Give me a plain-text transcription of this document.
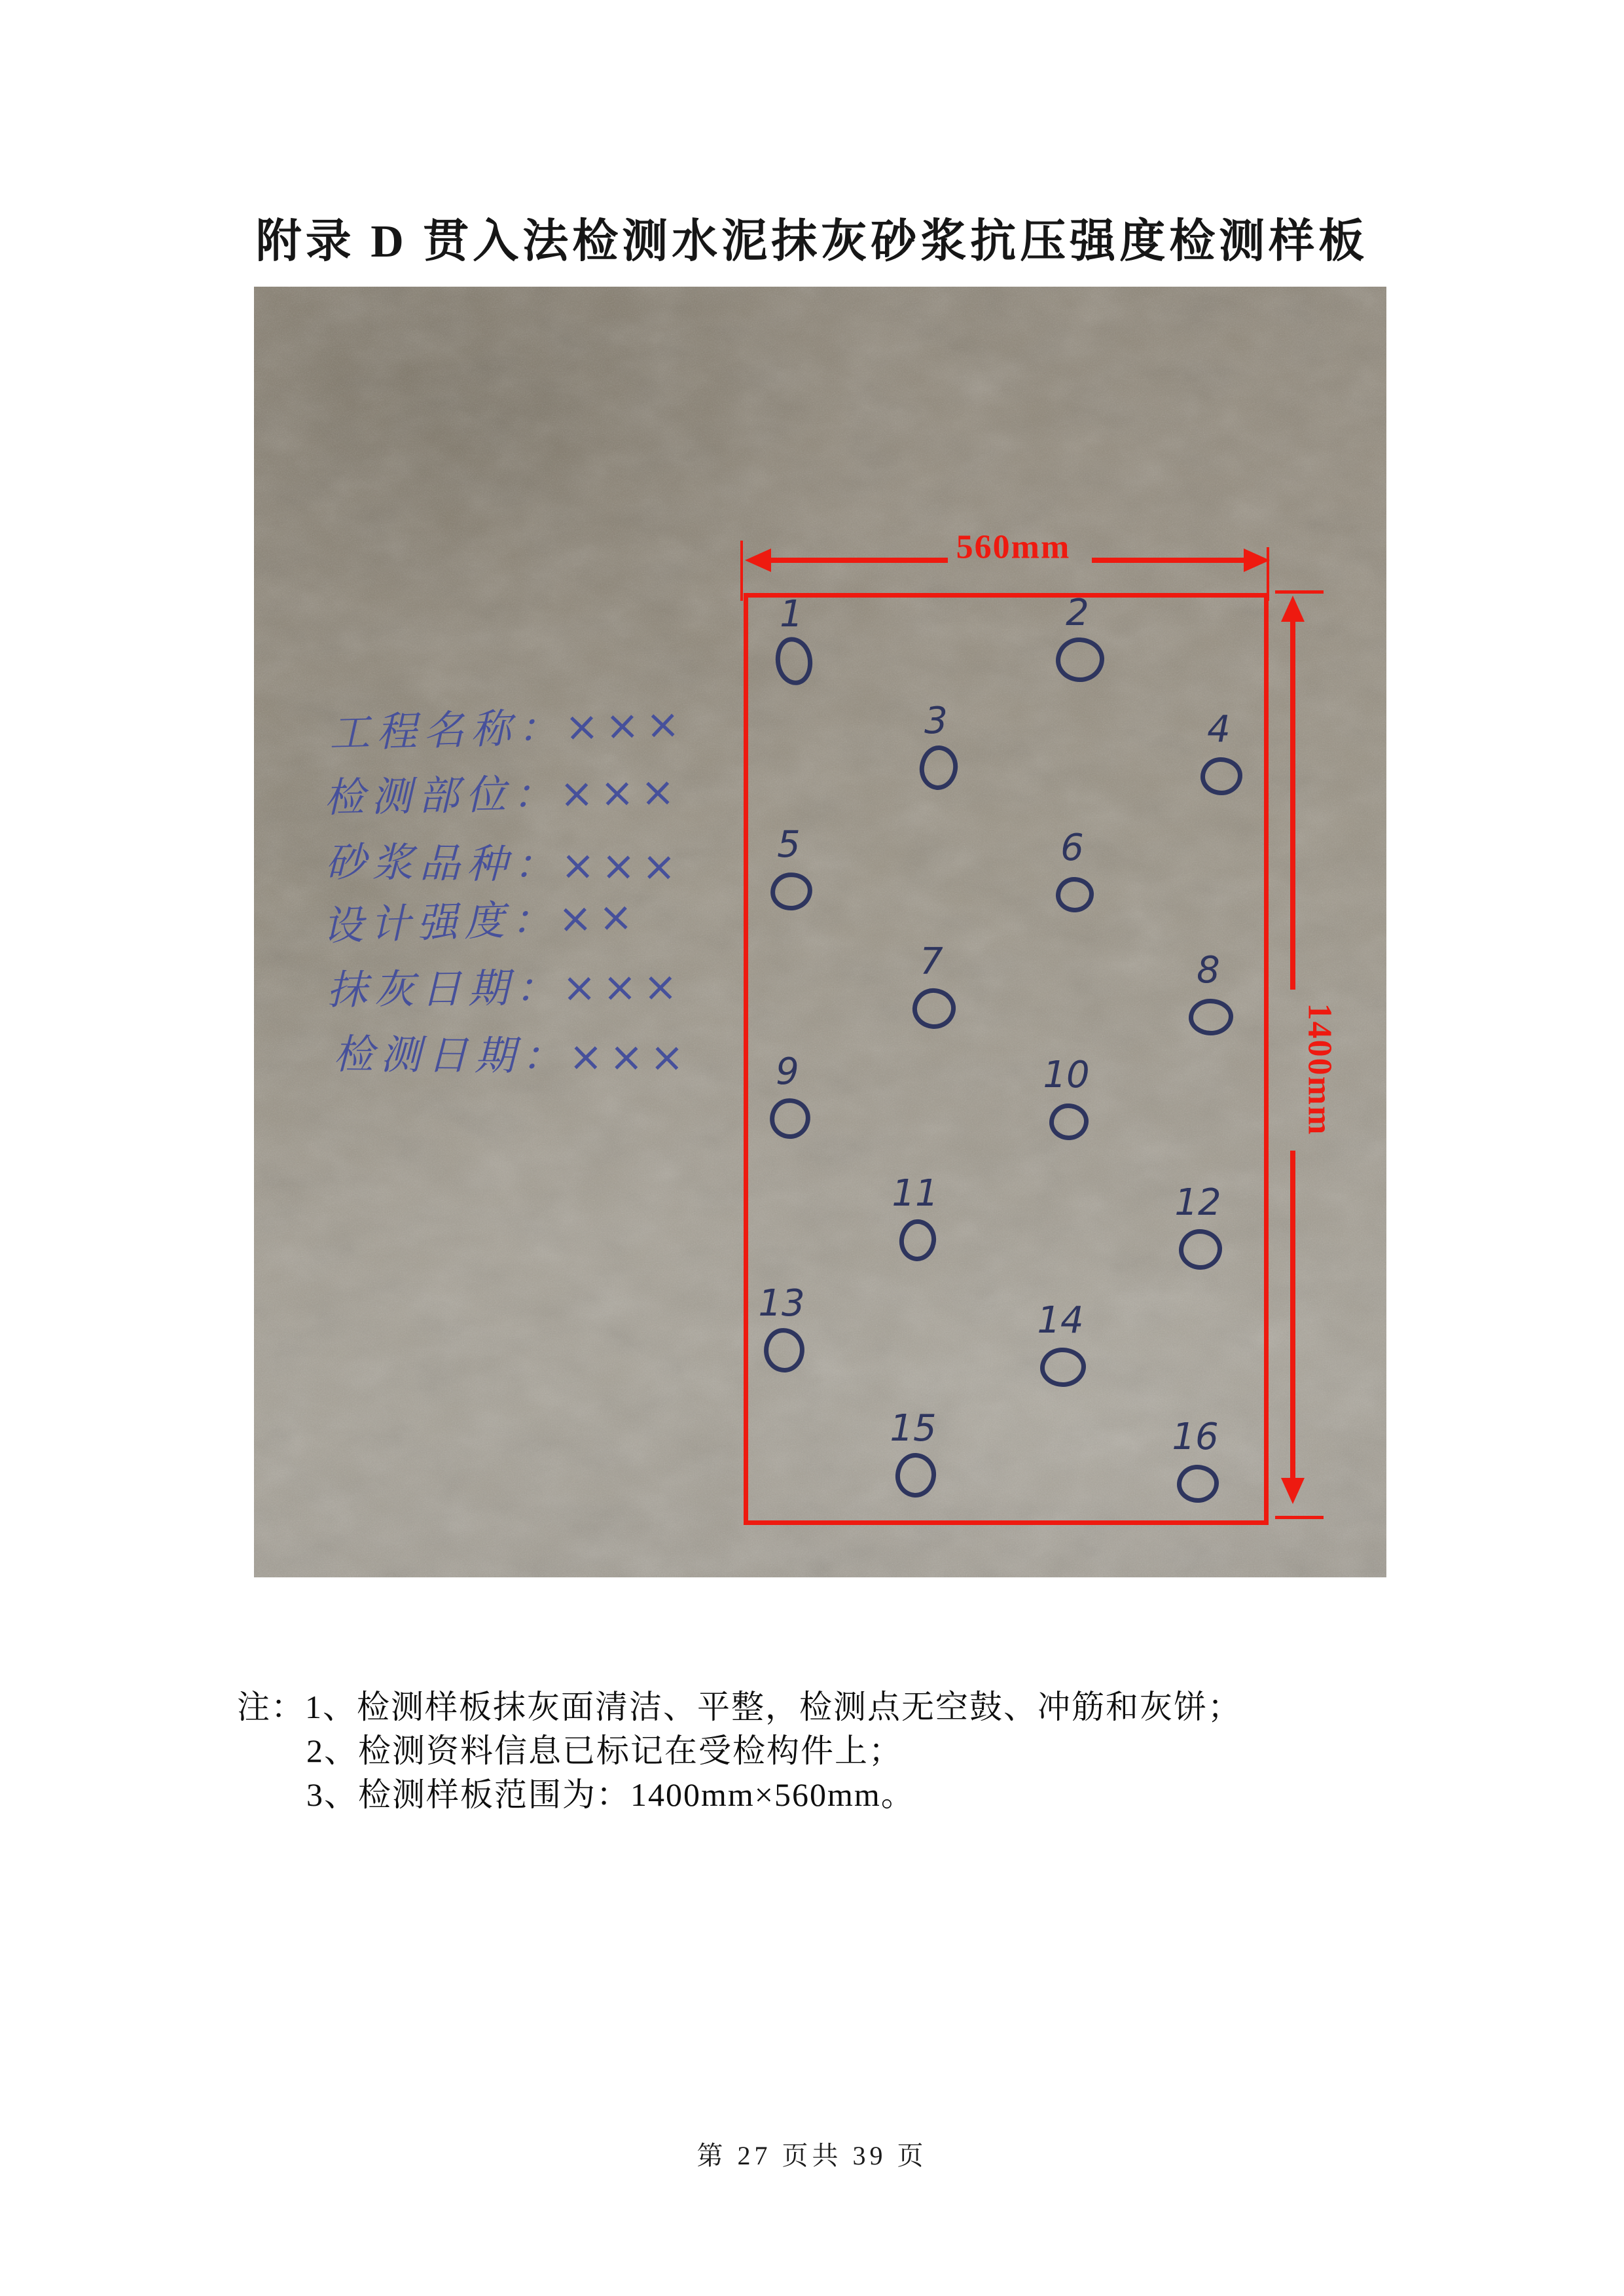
附录 D 贯入法检测水泥抹灰砂浆抗压强度检测样板
工程名称：×××
检测部位：×××
砂浆品种：×××
设计强度：××
抹灰日期：×××
检测日期：×××
560mm
1400mm
1	2
3	4
5	6
7	8
9	10
11	12
13	14
15	16
注：1、检测样板抹灰面清洁、平整，检测点无空鼓、冲筋和灰饼；
2、检测资料信息已标记在受检构件上；
3、检测样板范围为：1400mm×560mm。
第 27 页共 39 页
